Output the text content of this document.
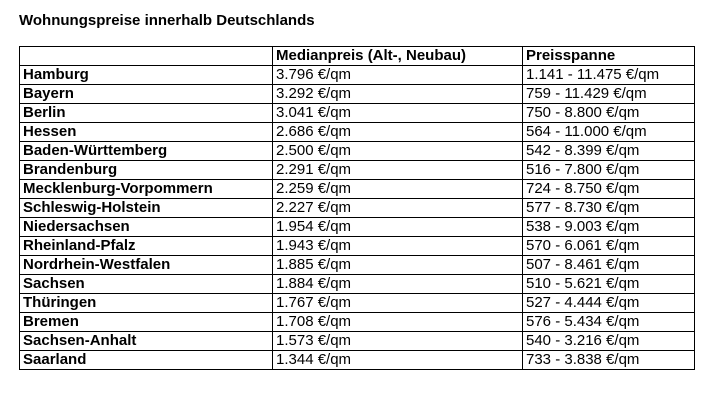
Wohnungspreise innerhalb Deutschlands
	Medianpreis (Alt-, Neubau)	Preisspanne
Hamburg	3.796 €/qm	1.141 - 11.475 €/qm
Bayern	3.292 €/qm	759 - 11.429 €/qm
Berlin	3.041 €/qm	750 - 8.800 €/qm
Hessen	2.686 €/qm	564 - 11.000 €/qm
Baden-Württemberg	2.500 €/qm	542 - 8.399 €/qm
Brandenburg	2.291 €/qm	516 - 7.800 €/qm
Mecklenburg-Vorpommern	2.259 €/qm	724 - 8.750 €/qm
Schleswig-Holstein	2.227 €/qm	577 - 8.730 €/qm
Niedersachsen	1.954 €/qm	538 - 9.003 €/qm
Rheinland-Pfalz	1.943 €/qm	570 - 6.061 €/qm
Nordrhein-Westfalen	1.885 €/qm	507 - 8.461 €/qm
Sachsen	1.884 €/qm	510 - 5.621 €/qm
Thüringen	1.767 €/qm	527 - 4.444 €/qm
Bremen	1.708 €/qm	576 - 5.434 €/qm
Sachsen-Anhalt	1.573 €/qm	540 - 3.216 €/qm
Saarland	1.344 €/qm	733 - 3.838 €/qm
